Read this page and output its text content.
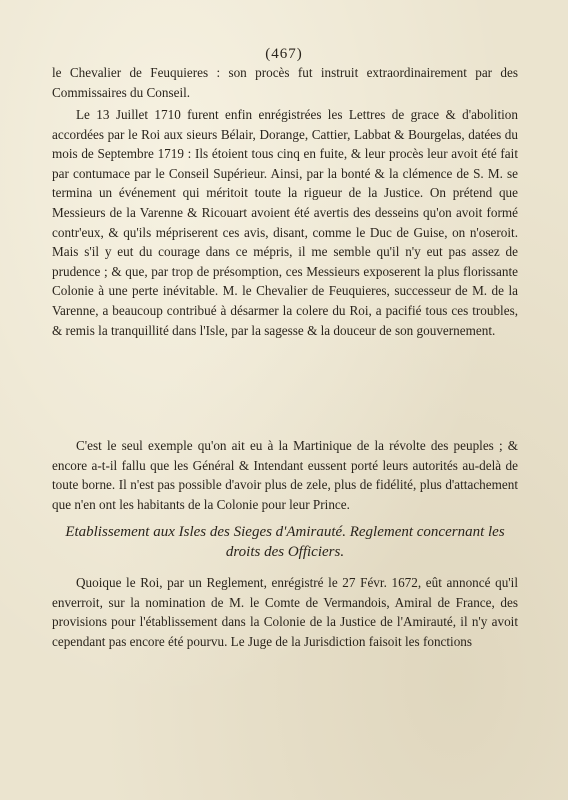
(467)

le Chevalier de Feuquieres : son procès fut instruit extraordinairement par des Commissaires du Conseil.

Le 13 Juillet 1710 furent enfin enrégistrées les Lettres de grace & d'abolition accordées par le Roi aux sieurs Bélair, Dorange, Cattier, Labbat & Bourgelas, datées du mois de Septembre 1719 : Ils étoient tous cinq en fuite, & leur procès leur avoit été fait par contumace par le Conseil Supérieur. Ainsi, par la bonté & la clémence de S. M. se termina un événement qui méritoit toute la rigueur de la Justice. On prétend que Messieurs de la Varenne & Ricouart avoient été avertis des desseins qu'on avoit formé contr'eux, & qu'ils mépriserent ces avis, disant, comme le Duc de Guise, on n'oseroit. Mais s'il y eut du courage dans ce mépris, il me semble qu'il n'y eut pas assez de prudence ; & que, par trop de présomption, ces Messieurs exposerent la plus florissante Colonie à une perte inévitable. M. le Chevalier de Feuquieres, successeur de M. de la Varenne, a beaucoup contribué à désarmer la colere du Roi, a pacifié tous ces troubles, & remis la tranquillité dans l'Isle, par la sagesse & la douceur de son gouvernement.

C'est le seul exemple qu'on ait eu à la Martinique de la révolte des peuples ; & encore a-t-il fallu que les Général & Intendant eussent porté leurs autorités au-delà de toute borne. Il n'est pas possible d'avoir plus de zele, plus de fidélité, plus d'attachement que n'en ont les habitants de la Colonie pour leur Prince.

Etablissement aux Isles des Sieges d'Amirauté. Reglement concernant les droits des Officiers.

Quoique le Roi, par un Reglement, enrégistré le 27 Févr. 1672, eût annoncé qu'il enverroit, sur la nomination de M. le Comte de Vermandois, Amiral de France, des provisions pour l'établissement dans la Colonie de la Justice de l'Amirauté, il n'y avoit cependant pas encore été pourvu. Le Juge de la Jurisdiction faisoit les fonctions
